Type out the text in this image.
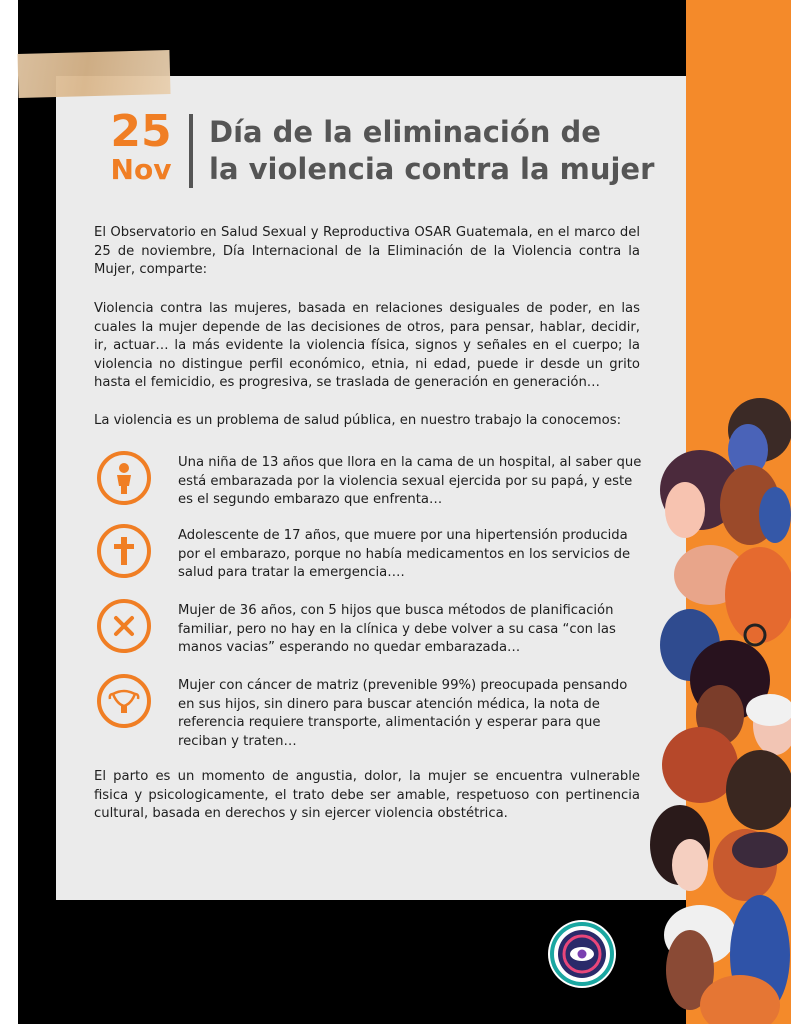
25
Nov
Día de la eliminación de
la violencia contra la mujer
El Observatorio en Salud Sexual y Reproductiva OSAR Guatemala, en el marco del 25 de noviembre, Día Internacional de la Eliminación de la Violencia contra la Mujer, comparte:
Violencia contra las mujeres, basada en relaciones desiguales de poder, en las cuales la mujer depende de las decisiones de otros, para pensar, hablar, decidir, ir, actuar… la más evidente la violencia física, signos y señales en el cuerpo; la violencia no distingue perfil económico, etnia, ni edad, puede ir desde un grito hasta el femicidio, es progresiva, se traslada de generación en generación…
La violencia es un problema de salud pública, en nuestro trabajo la conocemos:
Una niña de 13 años que llora en la cama de un hospital, al saber que está embarazada por la violencia sexual ejercida por su papá, y este es el segundo embarazo que enfrenta…
Adolescente de 17 años, que muere por una hipertensión producida por el embarazo, porque no había medicamentos en los servicios de salud para tratar la emergencia….
Mujer de 36 años, con 5 hijos que busca métodos de planificación familiar, pero no hay en la clínica y debe volver a su casa “con las manos vacias” esperando no quedar embarazada…
Mujer con cáncer de matriz (prevenible 99%) preocupada pensando en sus hijos, sin dinero para buscar atención médica, la nota de referencia requiere transporte, alimentación y esperar para que reciban y traten…
El parto es un momento de angustia, dolor, la mujer se encuentra vulnerable fisica y psicologicamente, el trato debe ser amable, respetuoso con pertinencia cultural, basada en derechos y sin ejercer violencia obstétrica.
